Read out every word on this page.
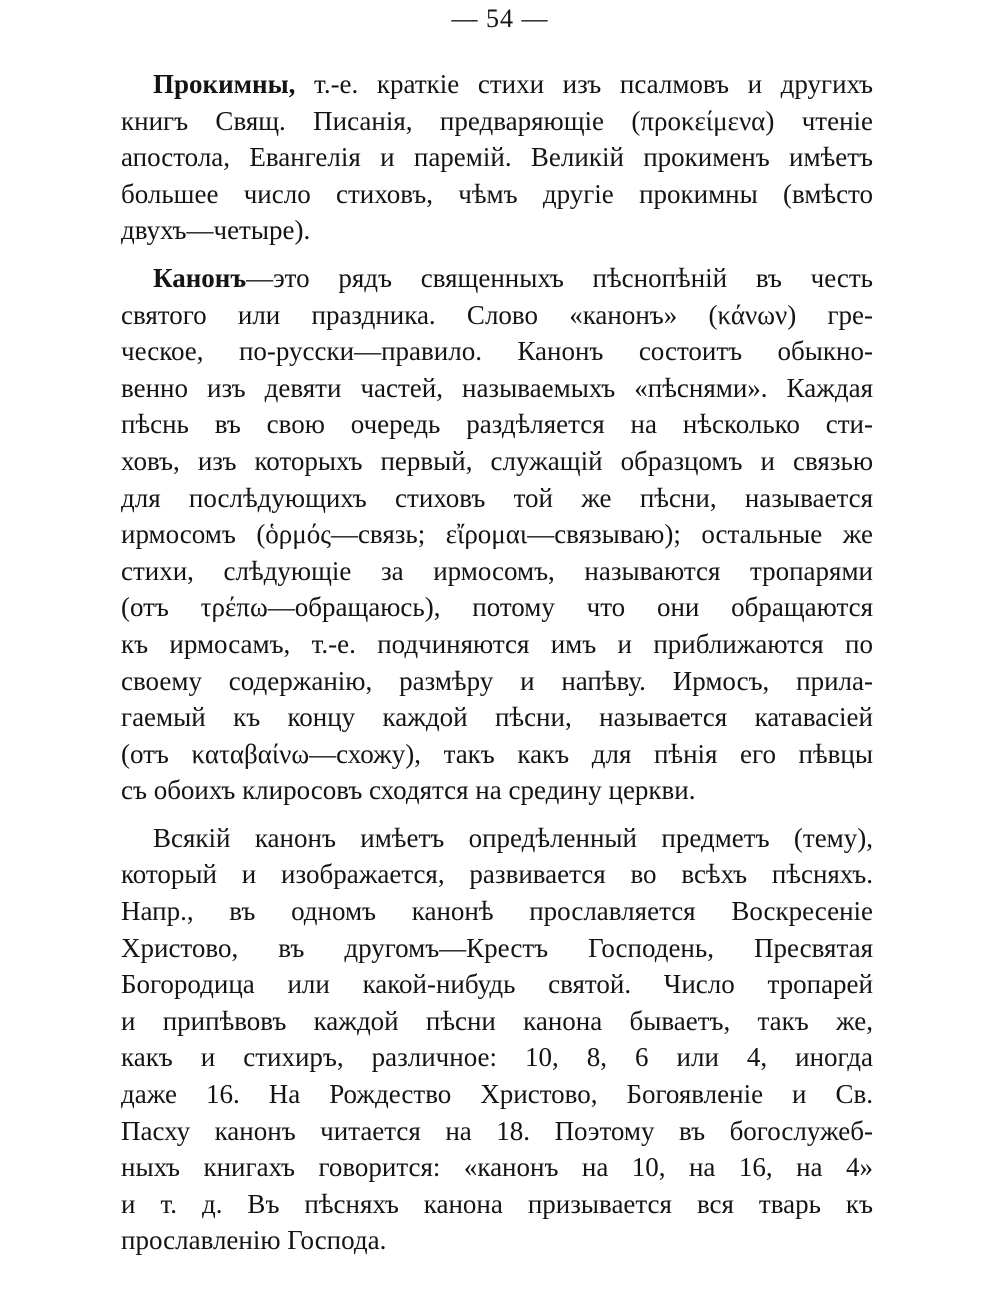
— 54 —
Прокимны, т.-е. краткіе стихи изъ псалмовъ и другихъ
книгъ Свящ. Писанія, предваряющіе (προκείμενα) чтеніе
апостола, Евангелія и паремій. Великій прокименъ имѣетъ
большее число стиховъ, чѣмъ другіе прокимны (вмѣсто
двухъ—четыре).
Канонъ—это рядъ священныхъ пѣснопѣній въ честь
святого или праздника. Слово «канонъ» (κάνων) гре-
ческое, по-русски—правило. Канонъ состоитъ обыкно-
венно изъ девяти частей, называемыхъ «пѣснями». Каждая
пѣснь въ свою очередь раздѣляется на нѣсколько сти-
ховъ, изъ которыхъ первый, служащій образцомъ и связью
для послѣдующихъ стиховъ той же пѣсни, называется
ирмосомъ (ὁρμός—связь; εἴρομαι—связываю); остальные же
стихи, слѣдующіе за ирмосомъ, называются тропарями
(отъ τρέπω—обращаюсь), потому что они обращаются
къ ирмосамъ, т.-е. подчиняются имъ и приближаются по
своему содержанію, размѣру и напѣву. Ирмосъ, прила-
гаемый къ концу каждой пѣсни, называется катавасіей
(отъ καταβαίνω—схожу), такъ какъ для пѣнія его пѣвцы
съ обоихъ клиросовъ сходятся на средину церкви.
Всякій канонъ имѣетъ опредѣленный предметъ (тему),
который и изображается, развивается во всѣхъ пѣсняхъ.
Напр., въ одномъ канонѣ прославляется Воскресеніе
Христово, въ другомъ—Крестъ Господень, Пресвятая
Богородица или какой-нибудь святой. Число тропарей
и припѣвовъ каждой пѣсни канона бываетъ, такъ же,
какъ и стихиръ, различное: 10, 8, 6 или 4, иногда
даже 16. На Рождество Христово, Богоявленіе и Св.
Пасху канонъ читается на 18. Поэтому въ богослужеб-
ныхъ книгахъ говорится: «канонъ на 10, на 16, на 4»
и т. д. Въ пѣсняхъ канона призывается вся тварь къ
прославленію Господа.
